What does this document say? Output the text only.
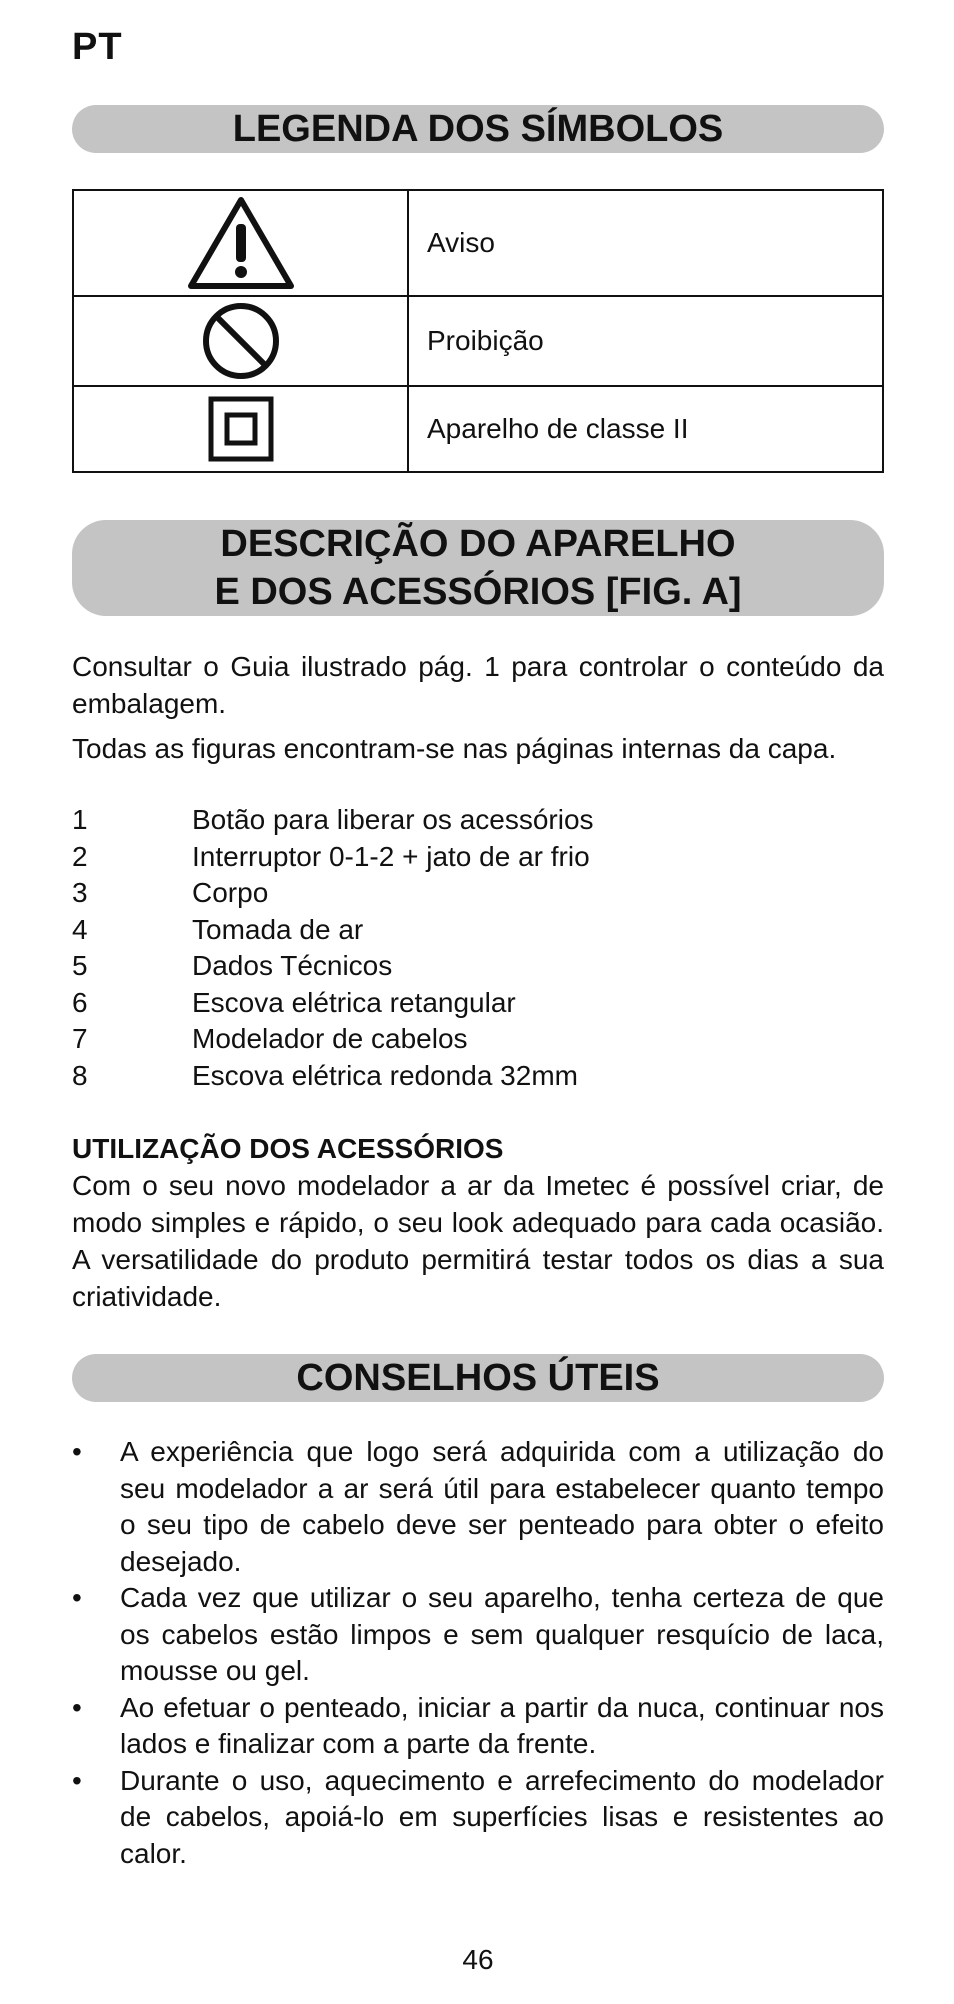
PT
LEGENDA DOS SÍMBOLOS
	Aviso

	Proibição

	Aparelho de classe II
DESCRIÇÃO DO APARELHO
E DOS ACESSÓRIOS [FIG. A]
Consultar o Guia ilustrado pág. 1 para controlar o conteúdo da embalagem.
Todas as figuras encontram-se nas páginas internas da capa.
1	Botão para liberar os acessórios
2	Interruptor 0-1-2 + jato de ar frio
3	Corpo
4	Tomada de ar
5	Dados Técnicos
6	Escova elétrica retangular
7	Modelador de cabelos
8	Escova elétrica redonda 32mm
UTILIZAÇÃO DOS ACESSÓRIOS
Com o seu novo modelador a ar da Imetec é possível criar, de modo simples e rápido, o seu look adequado para cada ocasião. A versatilidade do produto permitirá testar todos os dias a sua criatividade.
CONSELHOS ÚTEIS
•	A experiência que logo será adquirida com a utilização do seu modelador a ar será útil para estabelecer quanto tempo o seu tipo de cabelo deve ser penteado para obter o efeito desejado.
•	Cada vez que utilizar o seu aparelho, tenha certeza de que os cabelos estão limpos e sem qualquer resquício de laca, mousse ou gel.
•	Ao efetuar o penteado, iniciar a partir da nuca, continuar nos lados e finalizar com a parte da frente.
•	Durante o uso, aquecimento e arrefecimento do modelador de cabelos, apoiá-lo em superfícies lisas e resistentes ao calor.
46
